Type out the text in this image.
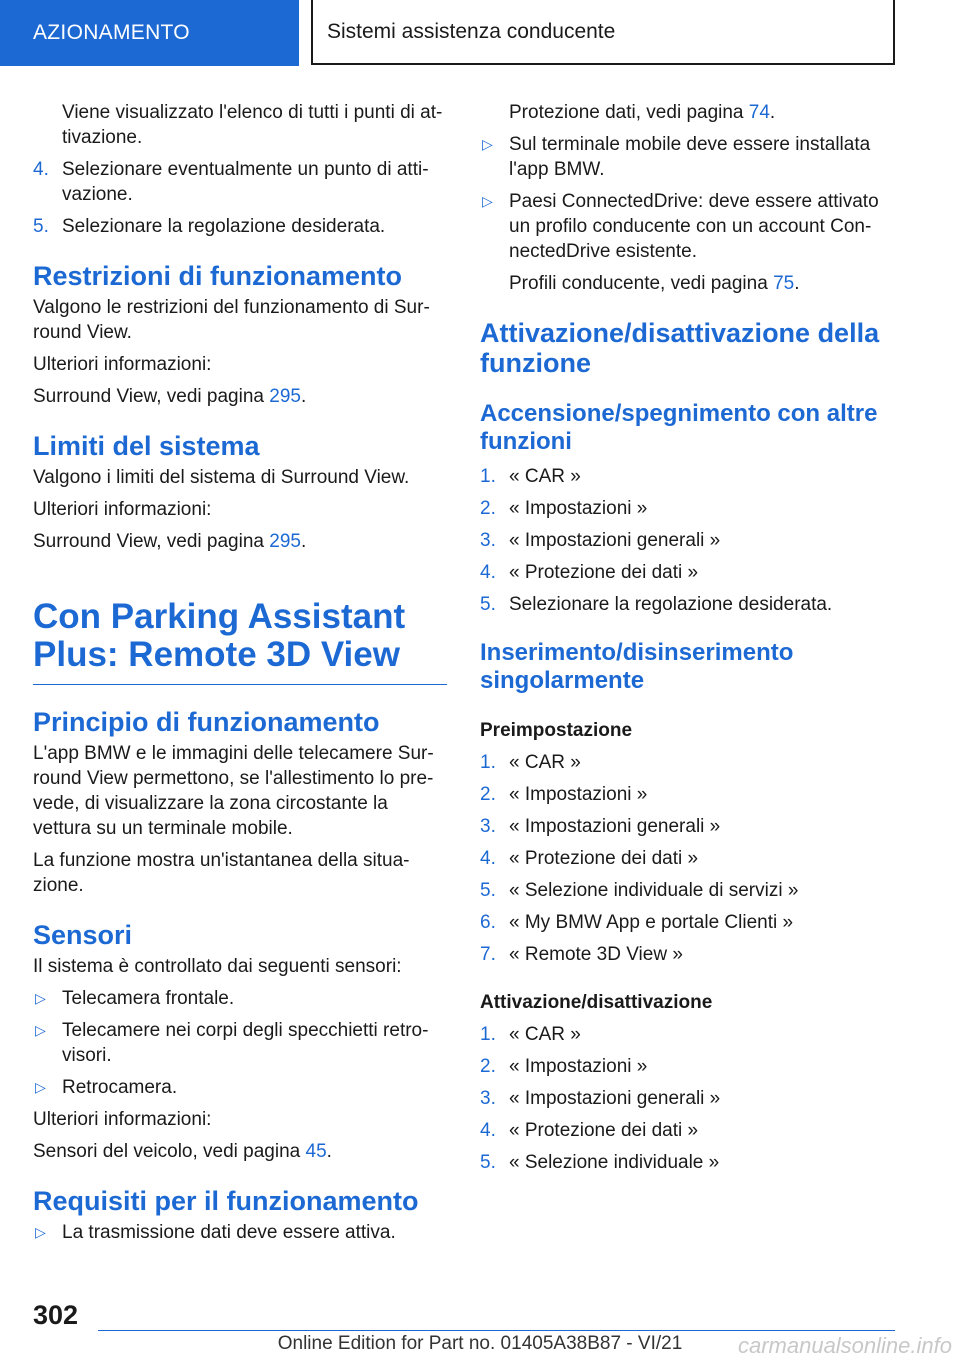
AZIONAMENTO	Sistemi assistenza conducente

Viene visualizzato l'elenco di tutti i punti di attivazione.

4. Selezionare eventualmente un punto di attivazione.
5. Selezionare la regolazione desiderata.
Restrizioni di funzionamento

Valgono le restrizioni del funzionamento di Surround View.

Ulteriori informazioni:

Surround View, vedi pagina 295.

Limiti del sistema

Valgono i limiti del sistema di Surround View.

Ulteriori informazioni:

Surround View, vedi pagina 295.

Con Parking Assistant Plus: Remote 3D View
Principio di funzionamento

L'app BMW e le immagini delle telecamere Surround View permettono, se l'allestimento lo prevede, di visualizzare la zona circostante la vettura su un terminale mobile.

La funzione mostra un'istantanea della situazione.

Sensori

Il sistema è controllato dai seguenti sensori:

▷ Telecamera frontale.
▷ Telecamere nei corpi degli specchietti retrovisori.
▷ Retrocamera.

Ulteriori informazioni:

Sensori del veicolo, vedi pagina 45.

Requisiti per il funzionamento
▷ La trasmissione dati deve essere attiva.

Protezione dati, vedi pagina 74.

▷ Sul terminale mobile deve essere installata l'app BMW.
▷ Paesi ConnectedDrive: deve essere attivato un profilo conducente con un account ConnectedDrive esistente.

Profili conducente, vedi pagina 75.

Attivazione/disattivazione della funzione
Accensione/spegnimento con altre funzioni
1. « CAR »
2. « Impostazioni »
3. « Impostazioni generali »
4. « Protezione dei dati »
5. Selezionare la regolazione desiderata.
Inserimento/disinserimento singolarmente
Preimpostazione
1. « CAR »
2. « Impostazioni »
3. « Impostazioni generali »
4. « Protezione dei dati »
5. « Selezione individuale di servizi »
6. « My BMW App e portale Clienti »
7. « Remote 3D View »
Attivazione/disattivazione
1. « CAR »
2. « Impostazioni »
3. « Impostazioni generali »
4. « Protezione dei dati »
5. « Selezione individuale »
302
Online Edition for Part no. 01405A38B87 - VI/21	carmanualsonline.info
